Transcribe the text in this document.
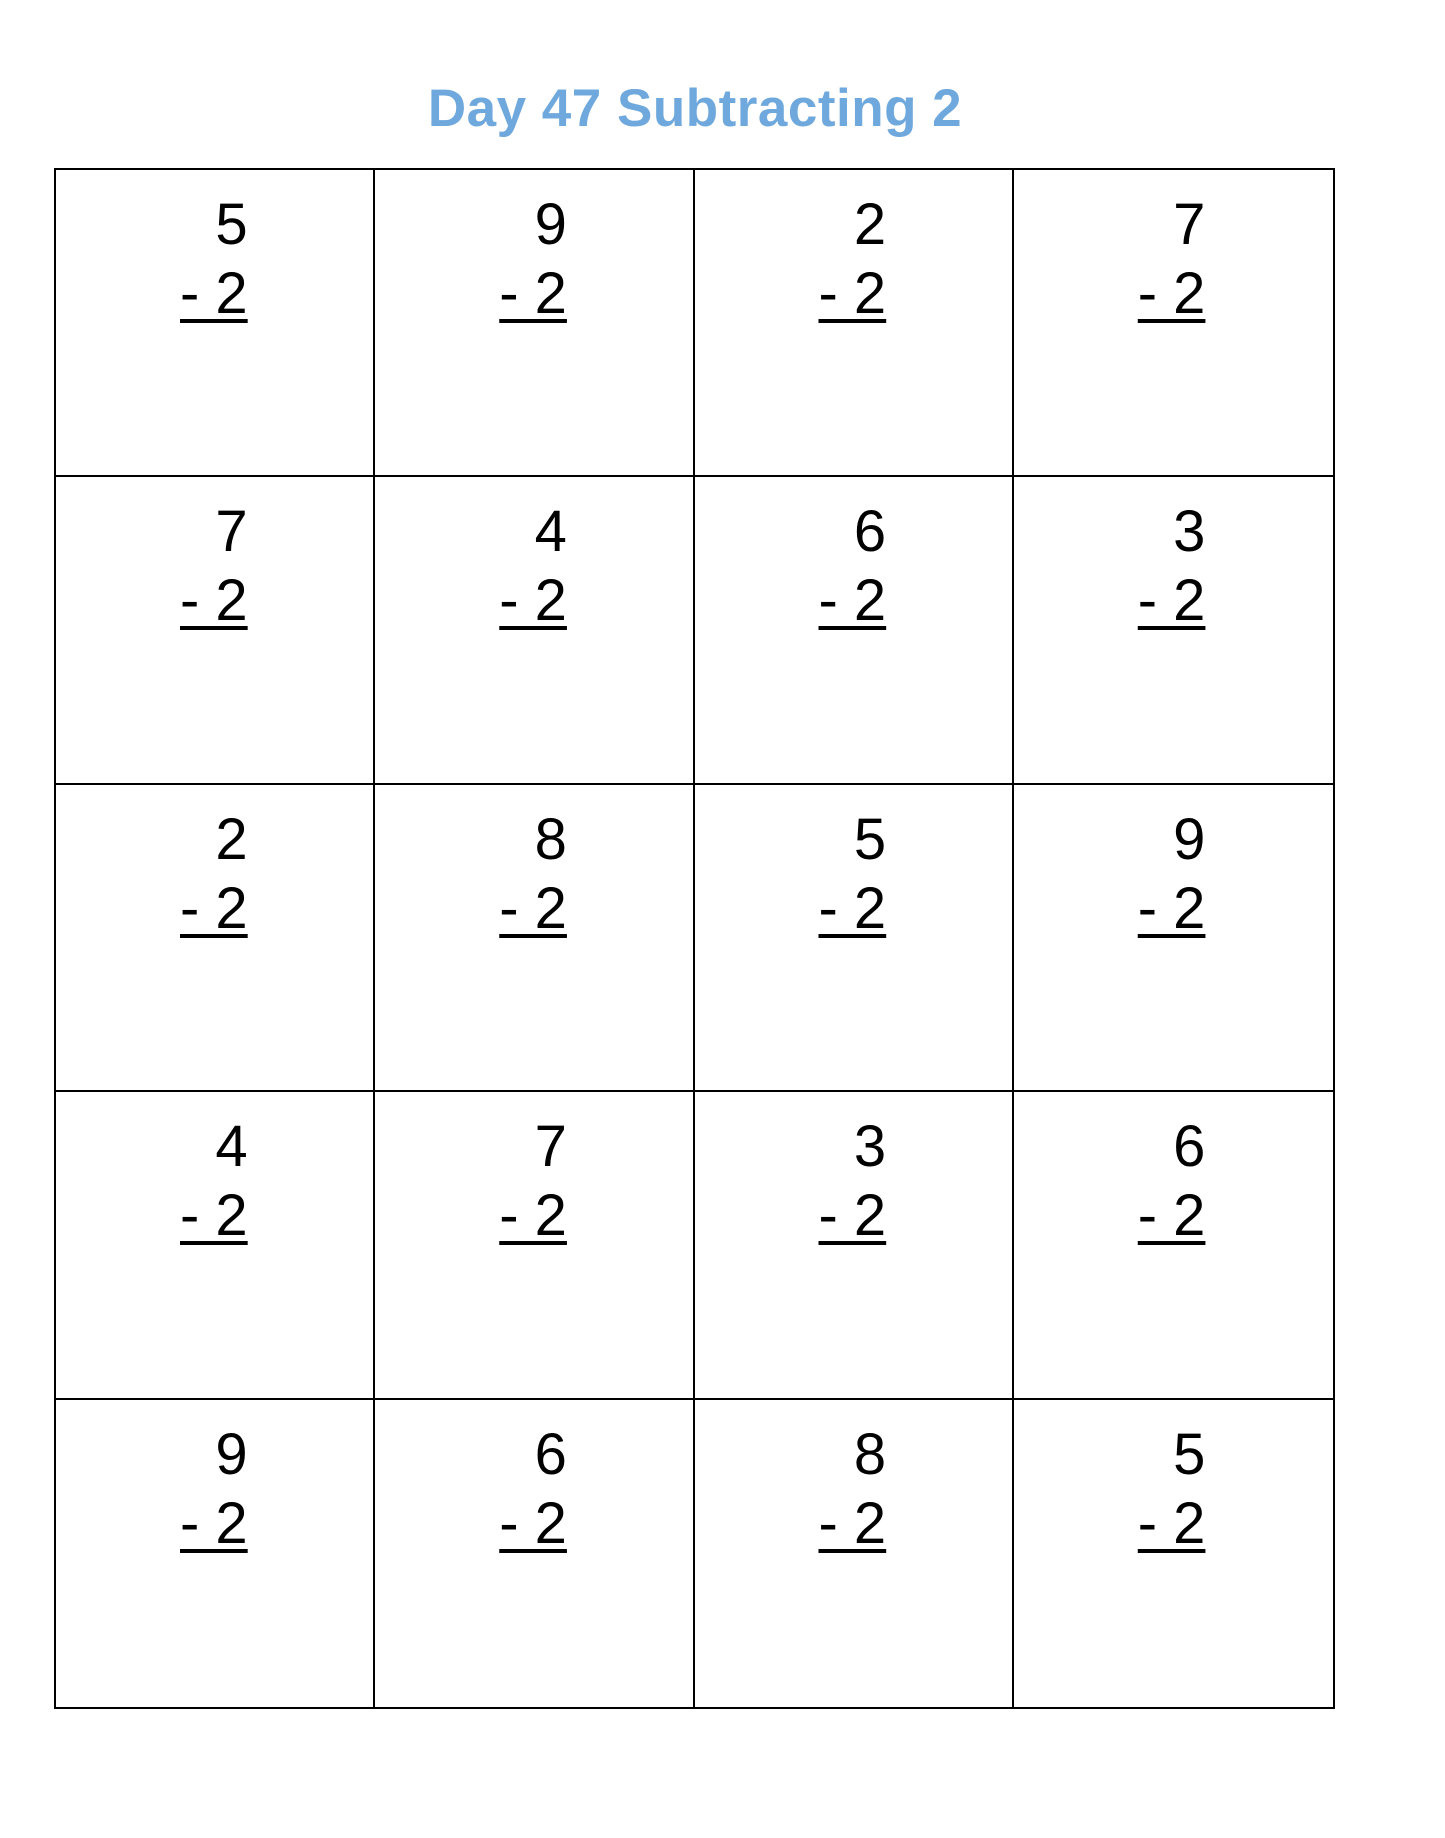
Day 47 Subtracting 2
5
- 2
9
- 2
2
- 2
7
- 2
7
- 2
4
- 2
6
- 2
3
- 2
2
- 2
8
- 2
5
- 2
9
- 2
4
- 2
7
- 2
3
- 2
6
- 2
9
- 2
6
- 2
8
- 2
5
- 2
